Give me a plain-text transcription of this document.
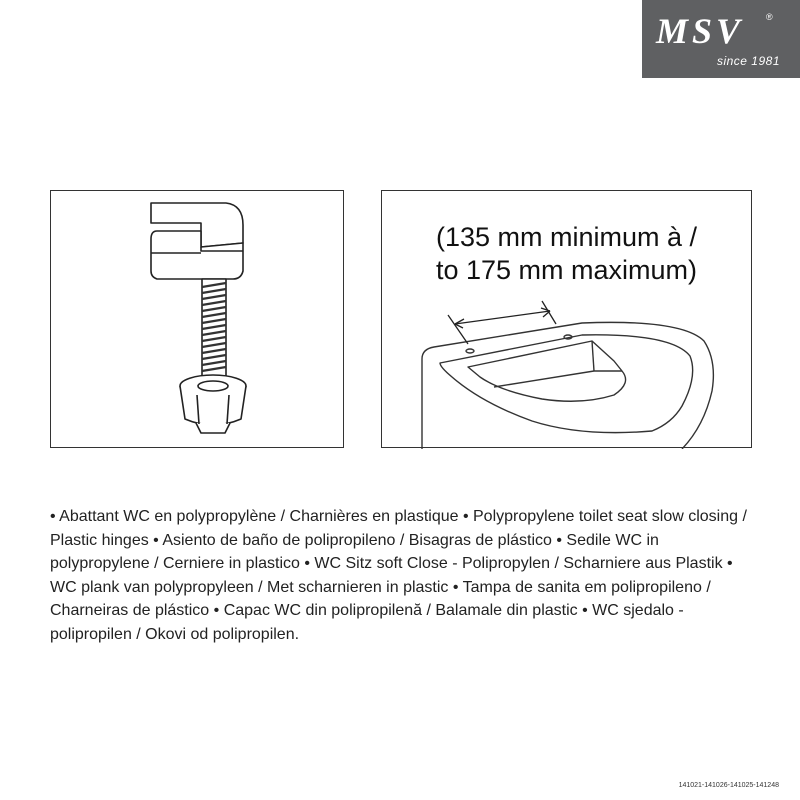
MSV ®
since 1981
(135 mm minimum à /
to 175 mm maximum)

• Abattant WC en polypropylène / Charnières en plastique • Polypropylene toilet seat slow closing / Plastic hinges • Asiento de baño de polipropileno / Bisagras de plástico • Sedile WC in polypropylene / Cerniere in plastico • WC Sitz soft Close - Polipropylen / Scharniere aus Plastik • WC plank van polypropyleen / Met scharnieren in plastic • Tampa de sanita em polipropileno / Charneiras de plástico • Capac WC din polipropilenă / Balamale din plastic • WC sjedalo - polipropilen / Okovi od polipropilen.

141021-141026-141025-141248
